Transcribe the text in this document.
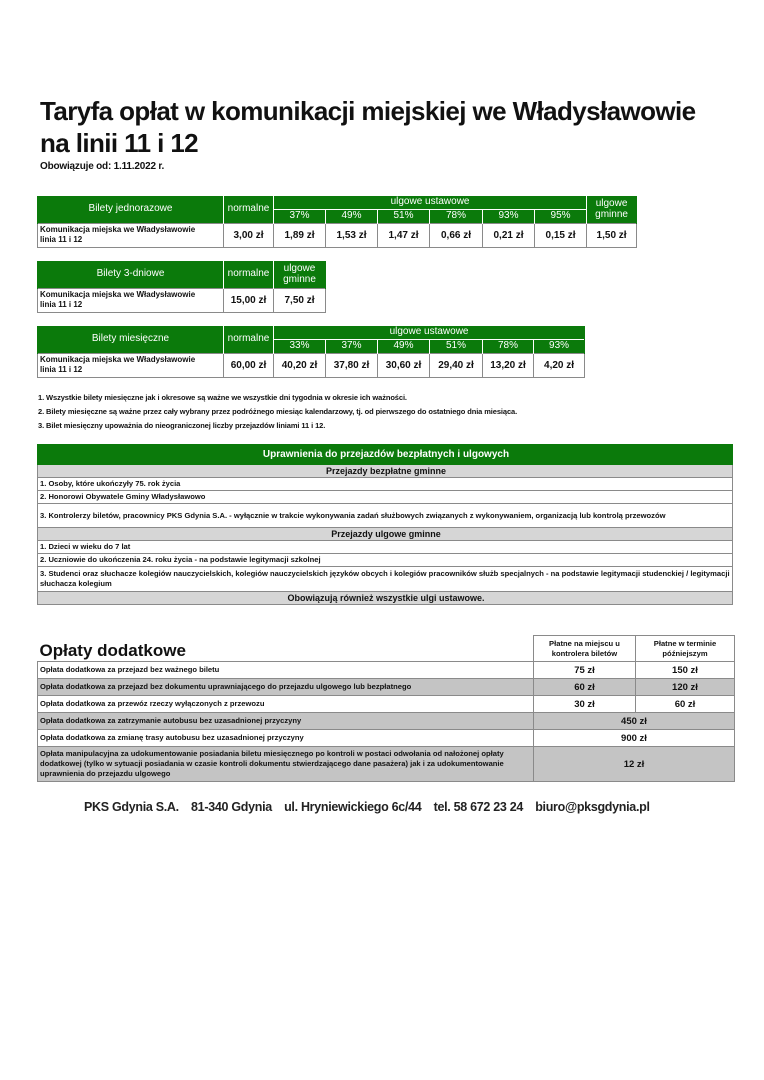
Taryfa opłat w komunikacji miejskiej we Władysławowie
na linii 11 i 12
Obowiązuje od: 1.11.2022 r.
Bilety jednorazowe	normalne	ulgowe ustawowe						ulgowe
gminne

		37%	49%	51%	78%	93%	95%	

Komunikacja miejska we Władysławowie
linia 11 i 12	3,00 zł	1,89 zł	1,53 zł	1,47 zł	0,66 zł	0,21 zł	0,15 zł	1,50 zł
Bilety 3-dniowe	normalne	ulgowe
gminne

Komunikacja miejska we Władysławowie
linia 11 i 12	15,00 zł	7,50 zł
Bilety miesięczne	normalne	ulgowe ustawowe					
		33%	37%	49%	51%	78%	93%

Komunikacja miejska we Władysławowie
linia 11 i 12	60,00 zł	40,20 zł	37,80 zł	30,60 zł	29,40 zł	13,20 zł	4,20 zł
1. Wszystkie bilety miesięczne jak i okresowe są ważne we wszystkie dni tygodnia w okresie ich ważności.
2. Bilety miesięczne są ważne przez cały wybrany przez podróżnego miesiąc kalendarzowy, tj. od pierwszego do ostatniego dnia miesiąca.
3. Bilet miesięczny upoważnia do nieograniczonej liczby przejazdów liniami 11 i 12.
Uprawnienia do przejazdów bezpłatnych i ulgowych
Przejazdy bezpłatne gminne
1. Osoby, które ukończyły 75. rok życia
2. Honorowi Obywatele Gminy Władysławowo
3. Kontrolerzy biletów, pracownicy PKS Gdynia S.A. - wyłącznie w trakcie wykonywania zadań służbowych związanych z wykonywaniem, organizacją lub kontrolą przewozów
Przejazdy ulgowe gminne
1. Dzieci w wieku do 7 lat
2. Uczniowie do ukończenia 24. roku życia - na podstawie legitymacji szkolnej
3. Studenci oraz słuchacze kolegiów nauczycielskich, kolegiów nauczycielskich języków obcych i kolegiów pracowników służb specjalnych - na podstawie legitymacji studenckiej / legitymacji słuchacza kolegium
Obowiązują również wszystkie ulgi ustawowe.
Opłaty dodatkowe	Płatne na miejscu u kontrolera biletów	Płatne w terminie późniejszym
Opłata dodatkowa za przejazd bez ważnego biletu	75 zł	150 zł
Opłata dodatkowa za przejazd bez dokumentu uprawniającego do przejazdu ulgowego lub bezpłatnego	60 zł	120 zł
Opłata dodatkowa za przewóz rzeczy wyłączonych z przewozu	30 zł	60 zł
Opłata dodatkowa za zatrzymanie autobusu bez uzasadnionej przyczyny	450 zł	
Opłata dodatkowa za zmianę trasy autobusu bez uzasadnionej przyczyny	900 zł	
Opłata manipulacyjna za udokumentowanie posiadania biletu miesięcznego po kontroli w postaci odwołania od nałożonej opłaty dodatkowej (tylko w sytuacji posiadania w czasie kontroli dokumentu stwierdzającego dane pasażera) jak i za udokumentowanie uprawnienia do przejazdu ulgowego	12 zł	
PKS Gdynia S.A. 81-340 Gdynia ul. Hryniewickiego 6c/44 tel. 58 672 23 24 biuro@pksgdynia.pl
